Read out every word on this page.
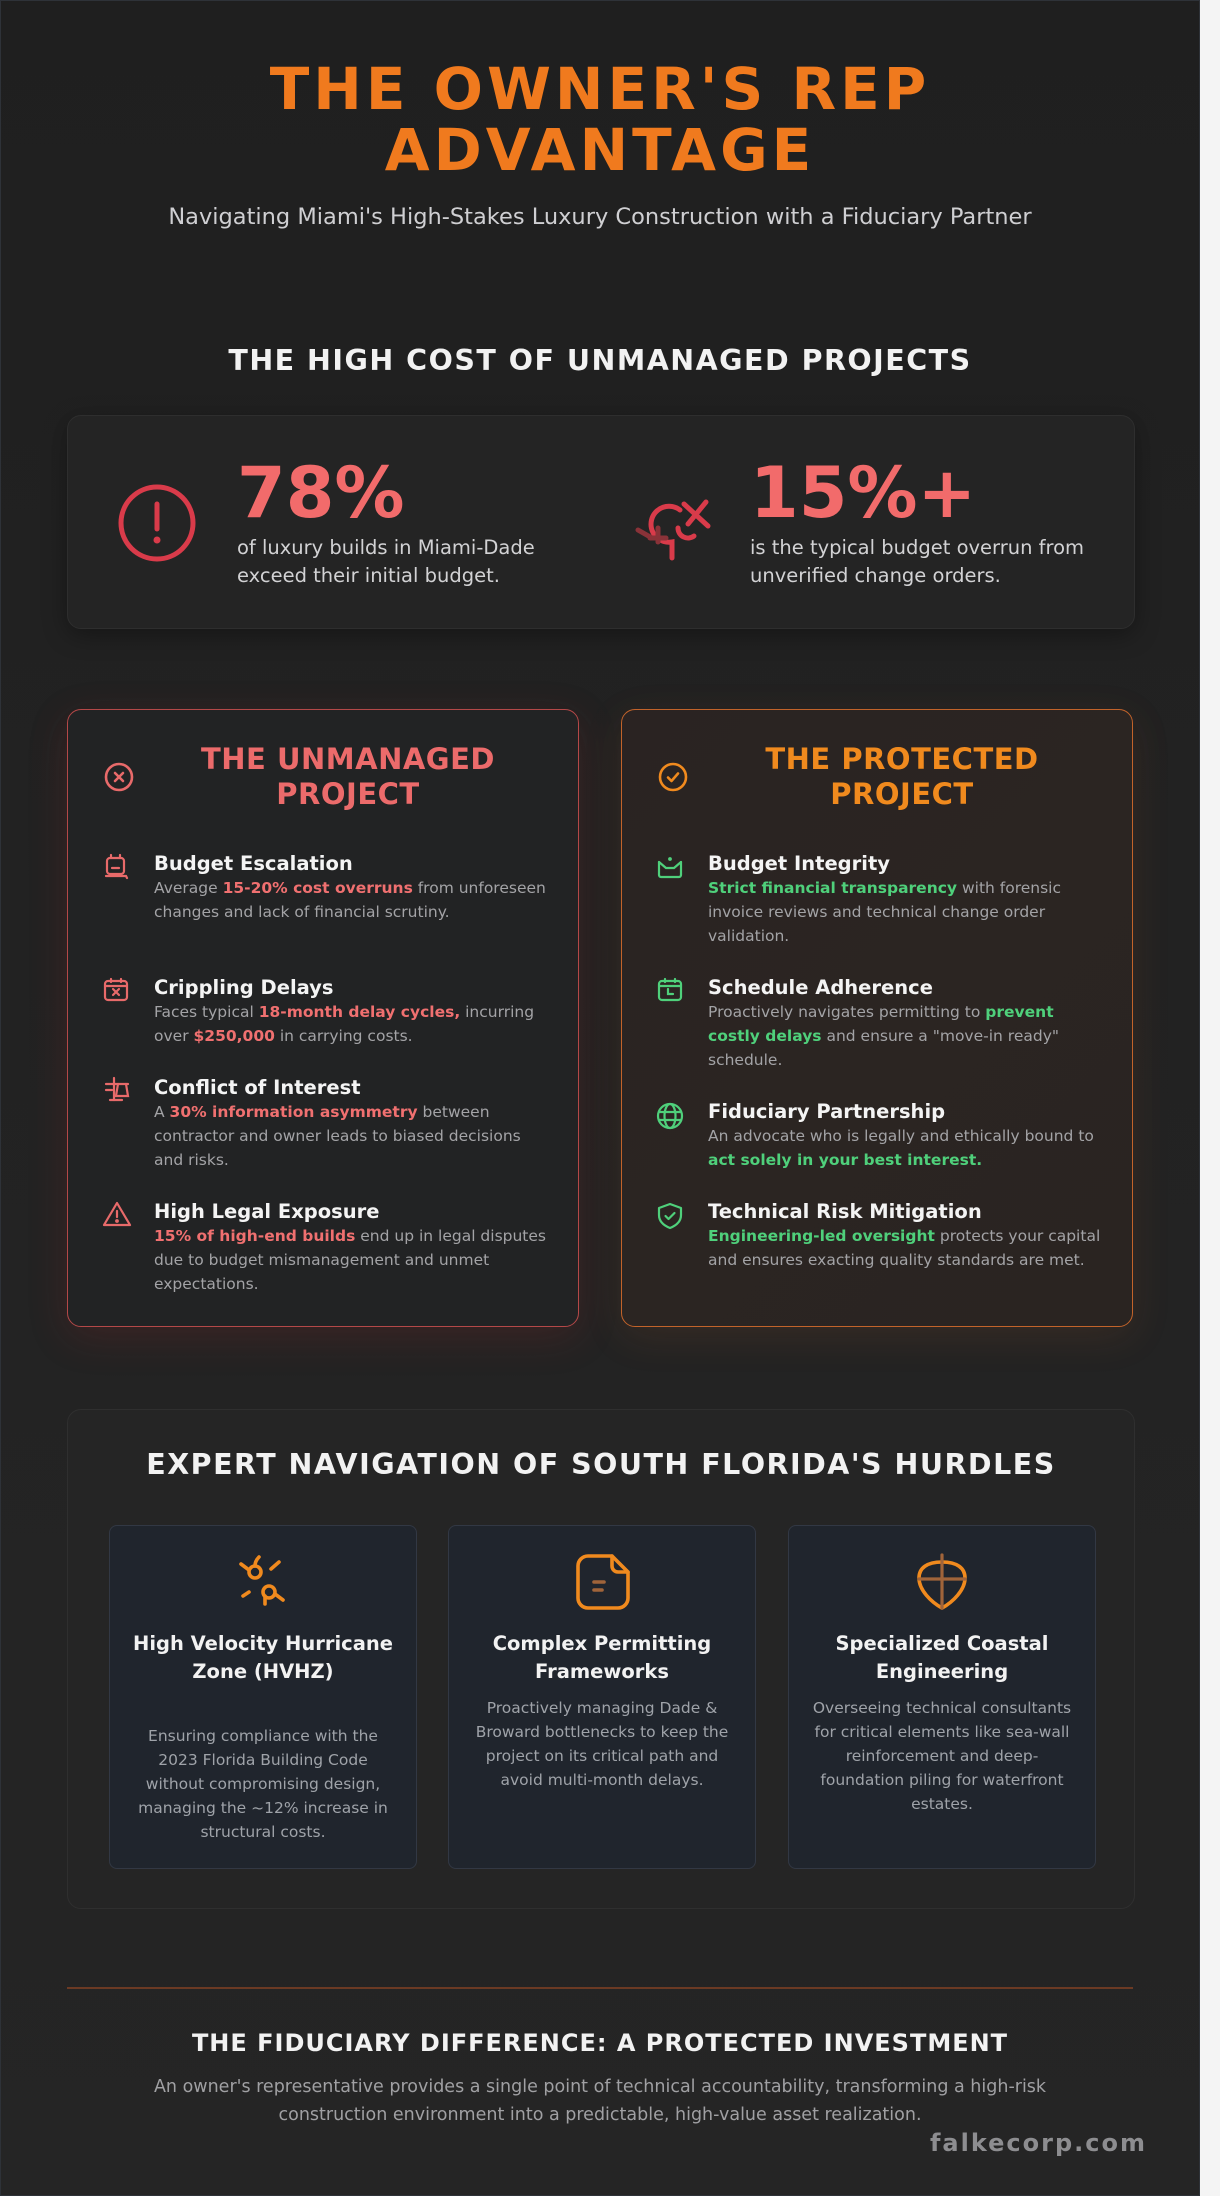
THE OWNER'S REP
ADVANTAGE
Navigating Miami's High-Stakes Luxury Construction with a Fiduciary Partner
THE HIGH COST OF UNMANAGED PROJECTS
78%
of luxury builds in Miami-Dade exceed their initial budget.
15%+
is the typical budget overrun from unverified change orders.
THE UNMANAGED
PROJECT
Budget Escalation
Average 15-20% cost overruns from unforeseen changes and lack of financial scrutiny.
Crippling Delays
Faces typical 18-month delay cycles, incurring over $250,000 in carrying costs.
Conflict of Interest
A 30% information asymmetry between contractor and owner leads to biased decisions and risks.
High Legal Exposure
15% of high-end builds end up in legal disputes due to budget mismanagement and unmet expectations.
THE PROTECTED
PROJECT
Budget Integrity
Strict financial transparency with forensic invoice reviews and technical change order validation.
Schedule Adherence
Proactively navigates permitting to prevent costly delays and ensure a "move-in ready" schedule.
Fiduciary Partnership
An advocate who is legally and ethically bound to act solely in your best interest.
Technical Risk Mitigation
Engineering-led oversight protects your capital and ensures exacting quality standards are met.
EXPERT NAVIGATION OF SOUTH FLORIDA'S HURDLES
High Velocity Hurricane Zone (HVHZ)
Ensuring compliance with the 2023 Florida Building Code without compromising design, managing the ~12% increase in structural costs.
Complex Permitting Frameworks
Proactively managing Dade & Broward bottlenecks to keep the project on its critical path and avoid multi-month delays.
Specialized Coastal Engineering
Overseeing technical consultants for critical elements like sea-wall reinforcement and deep-foundation piling for waterfront estates.
THE FIDUCIARY DIFFERENCE: A PROTECTED INVESTMENT
An owner's representative provides a single point of technical accountability, transforming a high-risk construction environment into a predictable, high-value asset realization.
falkecorp.com
